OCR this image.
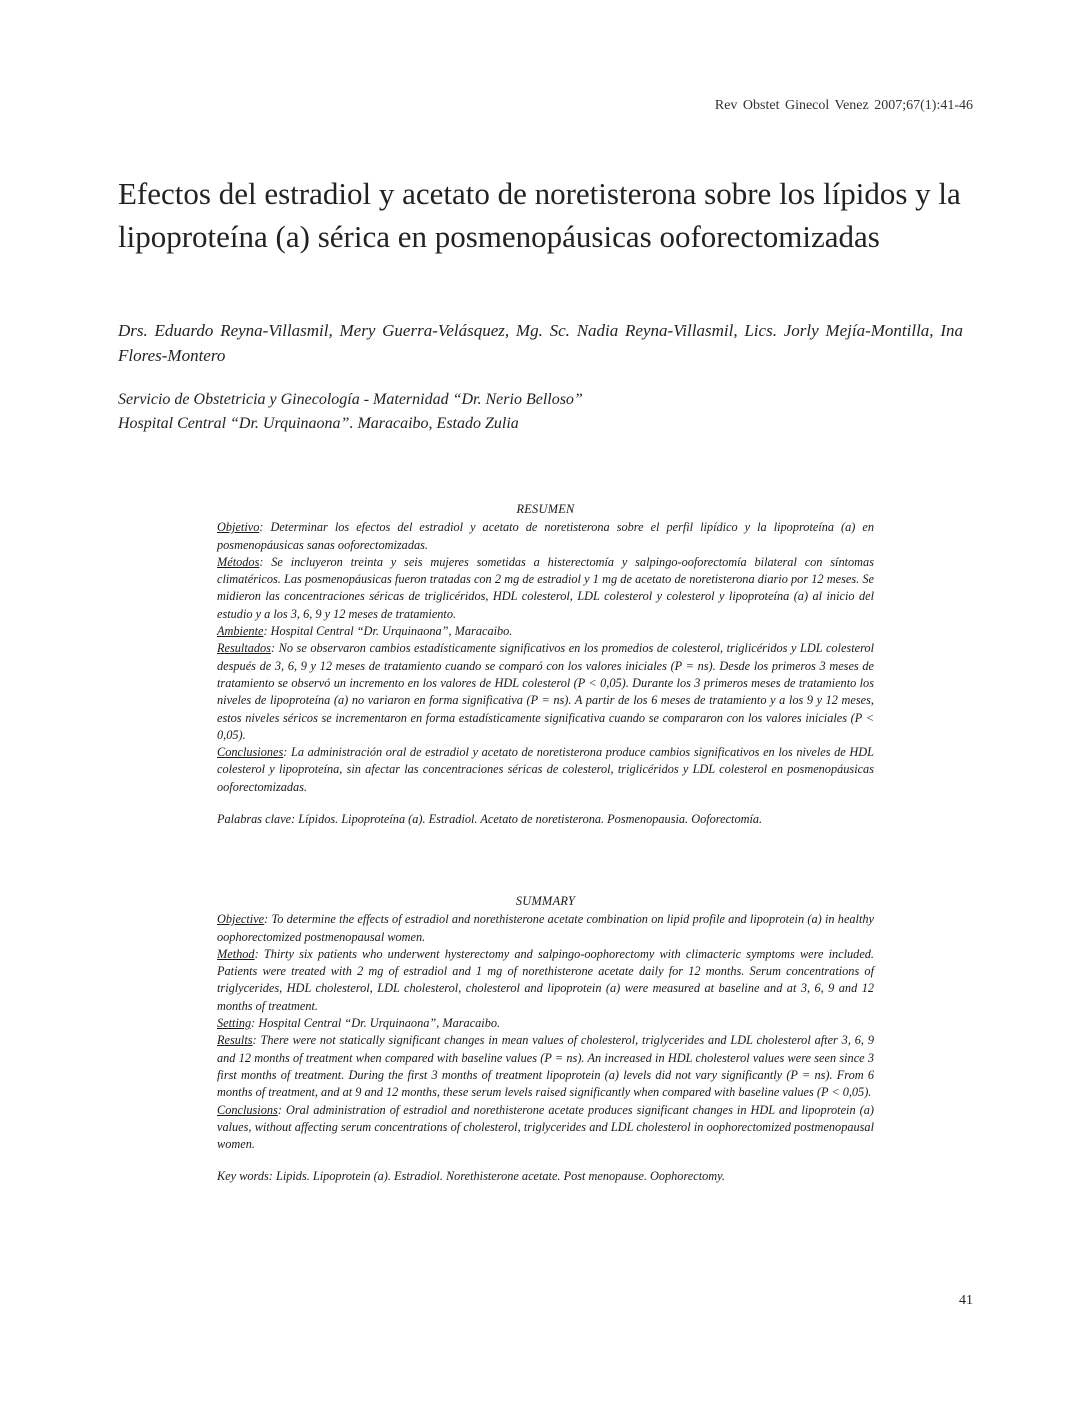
Rev Obstet Ginecol Venez 2007;67(1):41-46
Efectos del estradiol y acetato de noretisterona sobre los lípidos y la lipoproteína (a) sérica en posmenopáusicas ooforectomizadas
Drs. Eduardo Reyna-Villasmil, Mery Guerra-Velásquez, Mg. Sc. Nadia Reyna-Villasmil, Lics. Jorly Mejía-Montilla, Ina Flores-Montero
Servicio de Obstetricia y Ginecología - Maternidad “Dr. Nerio Belloso”
Hospital Central “Dr. Urquinaona”. Maracaibo, Estado Zulia
RESUMEN

Objetivo: Determinar los efectos del estradiol y acetato de noretisterona sobre el perfil lipídico y la lipoproteína (a) en posmenopáusicas sanas ooforectomizadas.

Métodos: Se incluyeron treinta y seis mujeres sometidas a histerectomía y salpingo-ooforectomía bilateral con síntomas climatéricos. Las posmenopáusicas fueron tratadas con 2 mg de estradiol y 1 mg de acetato de noretisterona diario por 12 meses. Se midieron las concentraciones séricas de triglicéridos, HDL colesterol, LDL colesterol y colesterol y lipoproteína (a) al inicio del estudio y a los 3, 6, 9 y 12 meses de tratamiento.

Ambiente: Hospital Central “Dr. Urquinaona”, Maracaibo.

Resultados: No se observaron cambios estadísticamente significativos en los promedios de colesterol, triglicéridos y LDL colesterol después de 3, 6, 9 y 12 meses de tratamiento cuando se comparó con los valores iniciales (P = ns). Desde los primeros 3 meses de tratamiento se observó un incremento en los valores de HDL colesterol (P < 0,05). Durante los 3 primeros meses de tratamiento los niveles de lipoproteína (a) no variaron en forma significativa (P = ns). A partir de los 6 meses de tratamiento y a los 9 y 12 meses, estos niveles séricos se incrementaron en forma estadísticamente significativa cuando se compararon con los valores iniciales (P < 0,05).

Conclusiones: La administración oral de estradiol y acetato de noretisterona produce cambios significativos en los niveles de HDL colesterol y lipoproteína, sin afectar las concentraciones séricas de colesterol, triglicéridos y LDL colesterol en posmenopáusicas ooforectomizadas.

Palabras clave: Lípidos. Lipoproteína (a). Estradiol. Acetato de noretisterona. Posmenopausia. Ooforectomía.

SUMMARY

Objective: To determine the effects of estradiol and norethisterone acetate combination on lipid profile and lipoprotein (a) in healthy oophorectomized postmenopausal women.

Method: Thirty six patients who underwent hysterectomy and salpingo-oophorectomy with climacteric symptoms were included. Patients were treated with 2 mg of estradiol and 1 mg of norethisterone acetate daily for 12 months. Serum concentrations of triglycerides, HDL cholesterol, LDL cholesterol, cholesterol and lipoprotein (a) were measured at baseline and at 3, 6, 9 and 12 months of treatment.

Setting: Hospital Central “Dr. Urquinaona”, Maracaibo.

Results: There were not statically significant changes in mean values of cholesterol, triglycerides and LDL cholesterol after 3, 6, 9 and 12 months of treatment when compared with baseline values (P = ns). An increased in HDL cholesterol values were seen since 3 first months of treatment. During the first 3 months of treatment lipoprotein (a) levels did not vary significantly (P = ns). From 6 months of treatment, and at 9 and 12 months, these serum levels raised significantly when compared with baseline values (P < 0,05).

Conclusions: Oral administration of estradiol and norethisterone acetate produces significant changes in HDL and lipoprotein (a) values, without affecting serum concentrations of cholesterol, triglycerides and LDL cholesterol in oophorectomized postmenopausal women.

Key words: Lipids. Lipoprotein (a). Estradiol. Norethisterone acetate. Post menopause. Oophorectomy.

41
